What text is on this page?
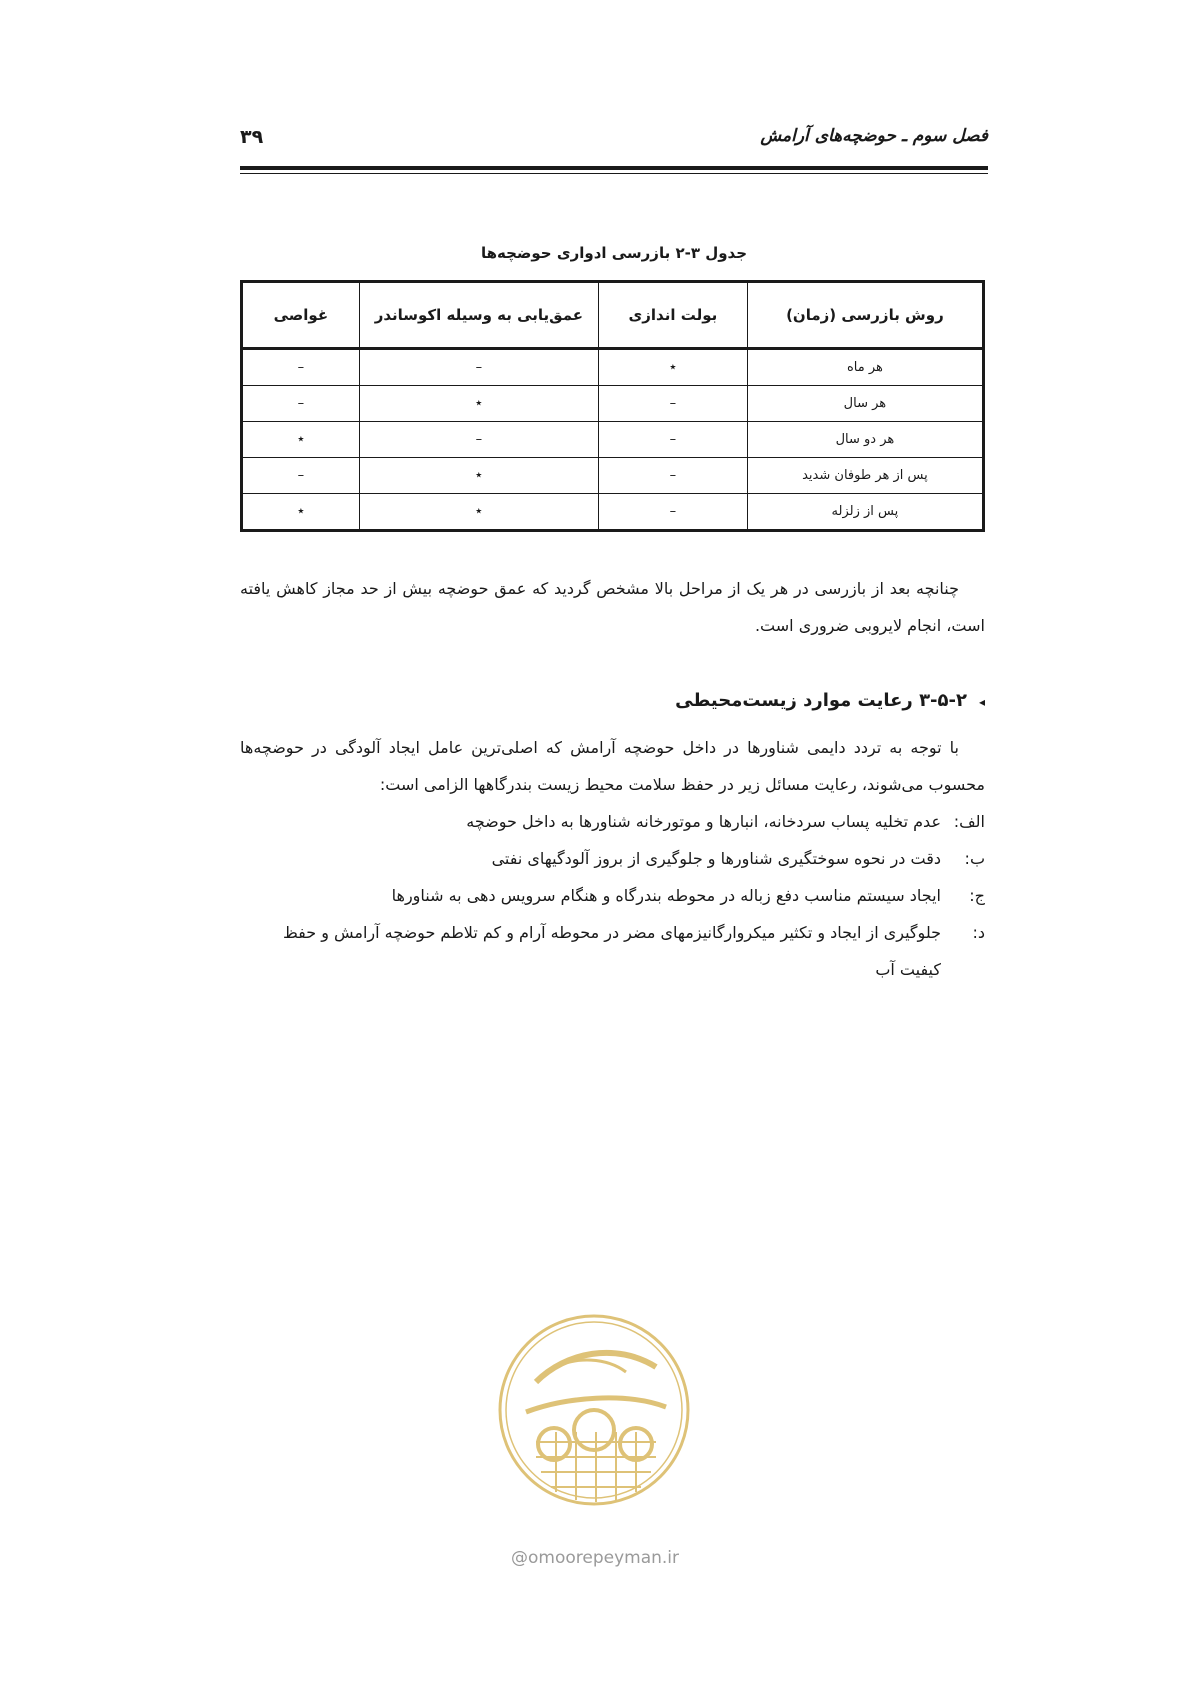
فصل سوم ـ حوضچه‌های آرامش
۳۹
جدول ۳-۲ بازرسی ادواری حوضچه‌ها
روش بازرسی (زمان)	بولت اندازی	عمق‌یابی به وسیله اکوساندر	غواصی
هر ماه	٭	–	–
هر سال	–	٭	–
هر دو سال	–	–	٭
پس از هر طوفان شدید	–	٭	–
پس از زلزله	–	٭	٭

چنانچه بعد از بازرسی در هر یک از مراحل بالا مشخص گردید که عمق حوضچه بیش از حد مجاز کاهش یافته است، انجام لایروبی ضروری است.

◂۳-۵-۲ رعایت موارد زیست‌محیطی

با توجه به تردد دایمی شناورها در داخل حوضچه آرامش که اصلی‌ترین عامل ایجاد آلودگی در حوضچه‌ها محسوب می‌شوند، رعایت مسائل زیر در حفظ سلامت محیط زیست بندرگاهها الزامی است:

الف:
عدم تخلیه پساب سردخانه، انبارها و موتورخانه شناورها به داخل حوضچه
ب:
دقت در نحوه سوختگیری شناورها و جلوگیری از بروز آلودگیهای نفتی
ج:
ایجاد سیستم مناسب دفع زباله در محوطه بندرگاه و هنگام سرویس دهی به شناورها
د:
جلوگیری از ایجاد و تکثیر میکروارگانیزمهای مضر در محوطه آرام و کم تلاطم حوضچه آرامش و حفظ کیفیت آب
@omoorepeyman.ir
